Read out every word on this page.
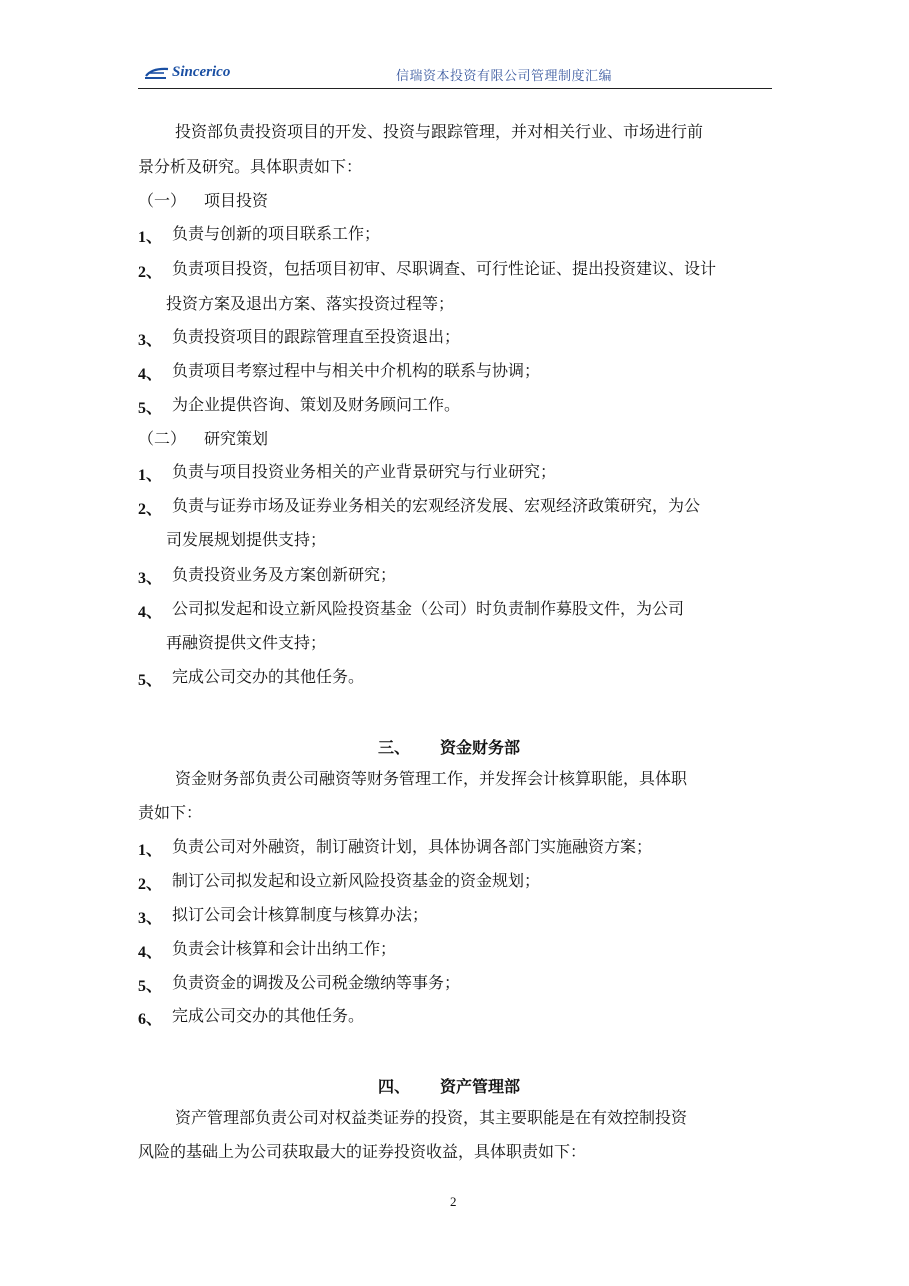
Sincerico	信瑞资本投资有限公司管理制度汇编
投资部负责投资项目的开发、投资与跟踪管理，并对相关行业、市场进行前
景分析及研究。具体职责如下：
（一） 项目投资
1、 负责与创新的项目联系工作；
2、 负责项目投资，包括项目初审、尽职调查、可行性论证、提出投资建议、设计
投资方案及退出方案、落实投资过程等；
3、 负责投资项目的跟踪管理直至投资退出；
4、 负责项目考察过程中与相关中介机构的联系与协调；
5、 为企业提供咨询、策划及财务顾问工作。
（二） 研究策划
1、 负责与项目投资业务相关的产业背景研究与行业研究；
2、 负责与证券市场及证券业务相关的宏观经济发展、宏观经济政策研究，为公
司发展规划提供支持；
3、 负责投资业务及方案创新研究；
4、 公司拟发起和设立新风险投资基金（公司）时负责制作募股文件，为公司
再融资提供文件支持；
5、 完成公司交办的其他任务。
三、 资金财务部
资金财务部负责公司融资等财务管理工作，并发挥会计核算职能，具体职
责如下：
1、 负责公司对外融资，制订融资计划，具体协调各部门实施融资方案；
2、 制订公司拟发起和设立新风险投资基金的资金规划；
3、 拟订公司会计核算制度与核算办法；
4、 负责会计核算和会计出纳工作；
5、 负责资金的调拨及公司税金缴纳等事务；
6、 完成公司交办的其他任务。
四、 资产管理部
资产管理部负责公司对权益类证券的投资，其主要职能是在有效控制投资
风险的基础上为公司获取最大的证券投资收益，具体职责如下：
2
